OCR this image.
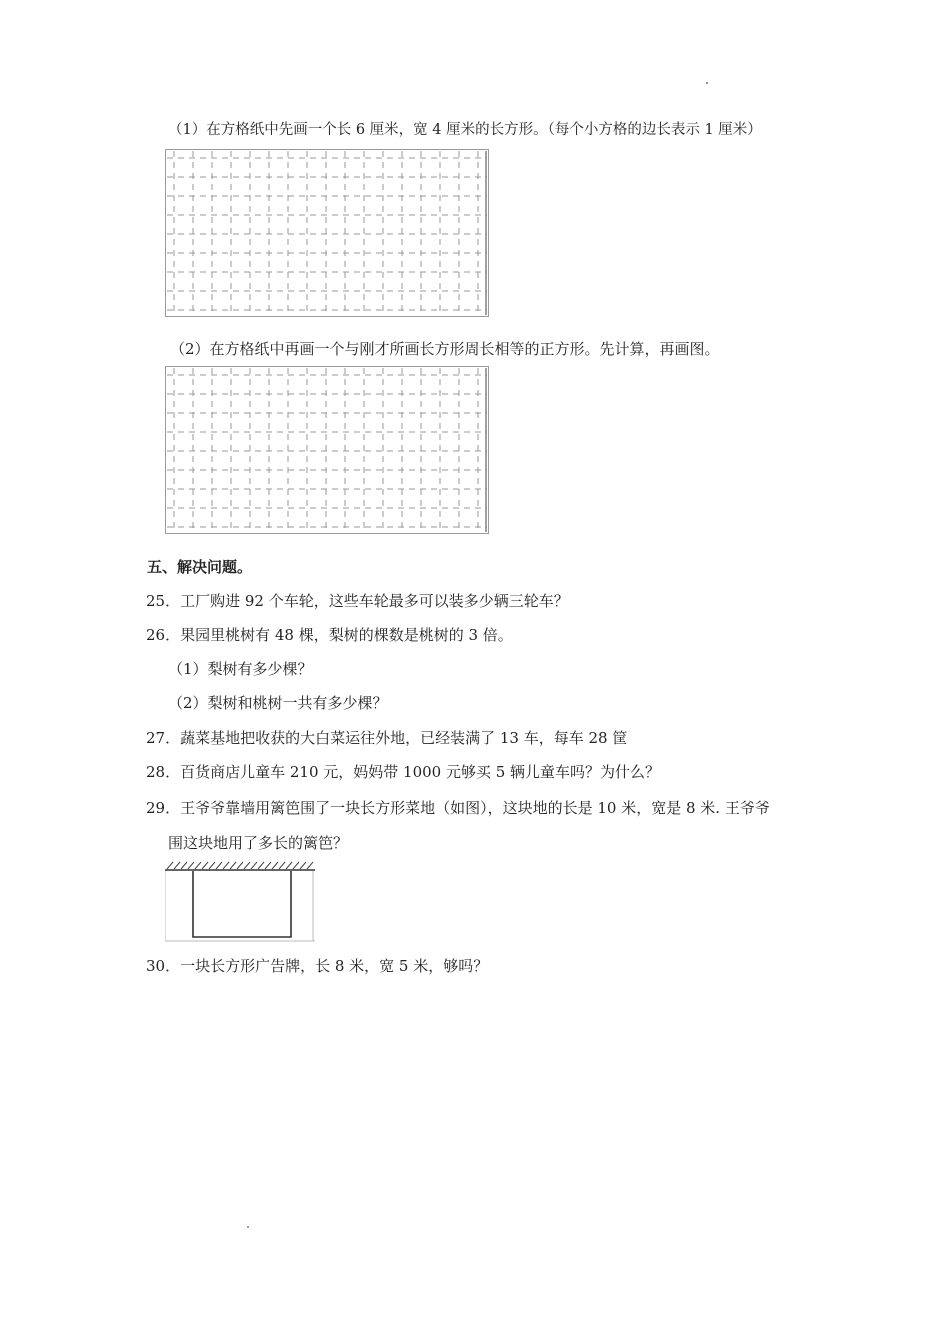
（1）在方格纸中先画一个长 6 厘米，宽 4 厘米的长方形。（每个小方格的边长表示 1 厘米）
（2）在方格纸中再画一个与刚才所画长方形周长相等的正方形。先计算，再画图。
五、解决问题。
25．工厂购进 92 个车轮，这些车轮最多可以装多少辆三轮车？
26．果园里桃树有 48 棵，梨树的棵数是桃树的 3 倍。
（1）梨树有多少棵？
（2）梨树和桃树一共有多少棵？
27．蔬菜基地把收获的大白菜运往外地，已经装满了 13 车，每车 28 筐
28．百货商店儿童车 210 元，妈妈带 1000 元够买 5 辆儿童车吗？为什么？
29．王爷爷靠墙用篱笆围了一块长方形菜地（如图），这块地的长是 10 米，宽是 8 米. 王爷爷
围这块地用了多长的篱笆？
30．一块长方形广告牌，长 8 米，宽 5 米，够吗？
